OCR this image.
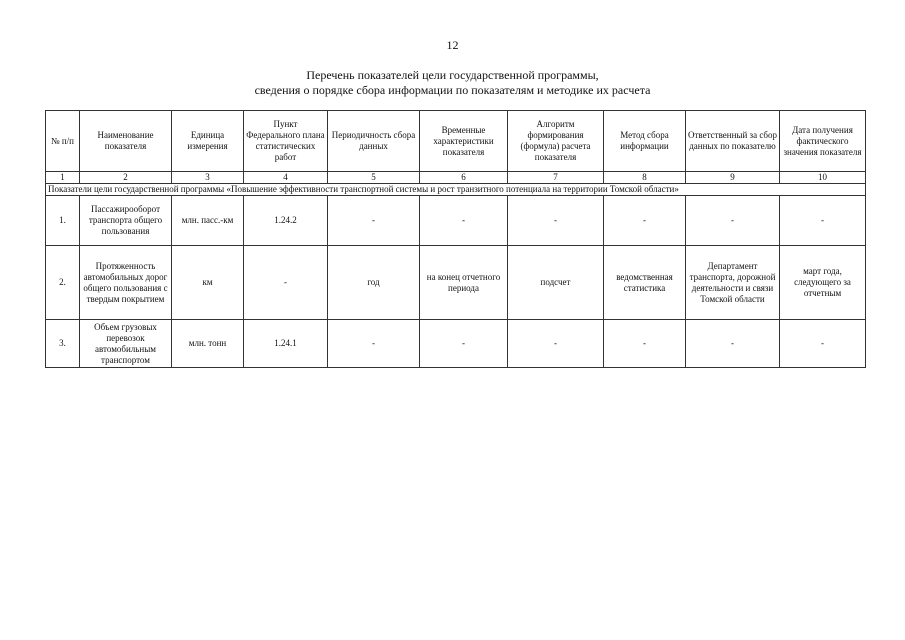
12
Перечень показателей цели государственной программы,
сведения о порядке сбора информации по показателям и методике их расчета
№ п/п	Наименование показателя	Единица измерения	Пункт Федерального плана статистических работ	Периодичность сбора данных	Временные характеристики показателя	Алгоритм формирования (формула) расчета показателя	Метод сбора информации	Ответственный за сбор данных по показателю	Дата получения фактического значения показателя
1	2	3	4	5	6	7	8	9	10
Показатели цели государственной программы «Повышение эффективности транспортной системы и рост транзитного потенциала на территории Томской области»									
1.	Пассажирооборот транспорта общего пользования	млн. пасс.-км	1.24.2	-	-	-	-	-	-
2.	Протяженность автомобильных дорог общего пользования с твердым покрытием	км	-	год	на конец отчетного периода	подсчет	ведомственная статистика	Департамент транспорта, дорожной деятельности и связи Томской области	март года, следующего за отчетным
3.	Объем грузовых перевозок автомобильным транспортом	млн. тонн	1.24.1	-	-	-	-	-	-
